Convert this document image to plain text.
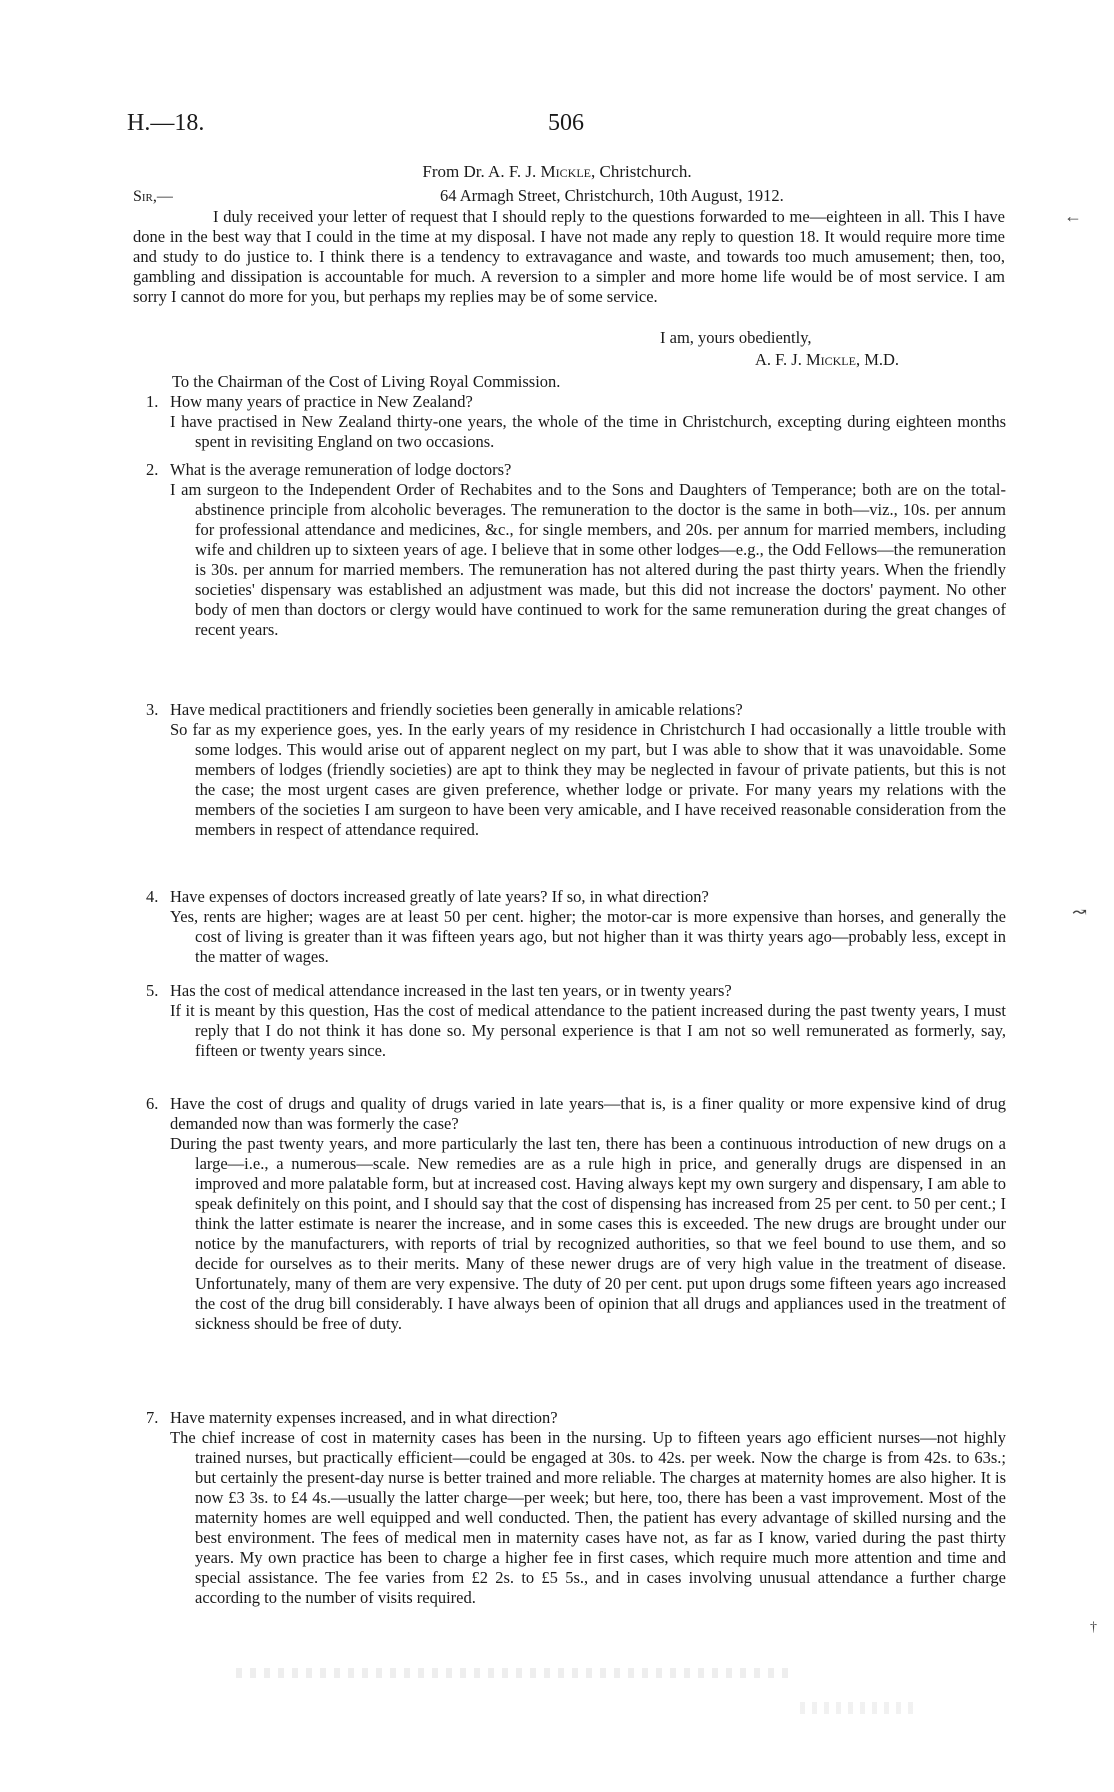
H.—18.	506
From Dr. A. F. J. Mickle, Christchurch.
Sir,—	64 Armagh Street, Christchurch, 10th August, 1912.

I duly received your letter of request that I should reply to the questions forwarded to me—eighteen in all. This I have done in the best way that I could in the time at my disposal. I have not made any reply to question 18. It would require more time and study to do justice to. I think there is a tendency to extravagance and waste, and towards too much amusement; then, too, gambling and dissipation is accountable for much. A reversion to a simpler and more home life would be of most service. I am sorry I cannot do more for you, but perhaps my replies may be of some service.

I am, yours obediently,
A. F. J. Mickle, M.D.
To the Chairman of the Cost of Living Royal Commission.
1. How many years of practice in New Zealand?
I have practised in New Zealand thirty-one years, the whole of the time in Christchurch, excepting during eighteen months spent in revisiting England on two occasions.
2. What is the average remuneration of lodge doctors?
I am surgeon to the Independent Order of Rechabites and to the Sons and Daughters of Temperance; both are on the total-abstinence principle from alcoholic beverages. The remuneration to the doctor is the same in both—viz., 10s. per annum for professional attendance and medicines, &c., for single members, and 20s. per annum for married members, including wife and children up to sixteen years of age. I believe that in some other lodges—e.g., the Odd Fellows—the remuneration is 30s. per annum for married members. The remuneration has not altered during the past thirty years. When the friendly societies' dispensary was established an adjustment was made, but this did not increase the doctors' payment. No other body of men than doctors or clergy would have continued to work for the same remuneration during the great changes of recent years.
3. Have medical practitioners and friendly societies been generally in amicable relations?
So far as my experience goes, yes. In the early years of my residence in Christchurch I had occasionally a little trouble with some lodges. This would arise out of apparent neglect on my part, but I was able to show that it was unavoidable. Some members of lodges (friendly societies) are apt to think they may be neglected in favour of private patients, but this is not the case; the most urgent cases are given preference, whether lodge or private. For many years my relations with the members of the societies I am surgeon to have been very amicable, and I have received reasonable consideration from the members in respect of attendance required.
4. Have expenses of doctors increased greatly of late years? If so, in what direction?
Yes, rents are higher; wages are at least 50 per cent. higher; the motor-car is more expensive than horses, and generally the cost of living is greater than it was fifteen years ago, but not higher than it was thirty years ago—probably less, except in the matter of wages.
5. Has the cost of medical attendance increased in the last ten years, or in twenty years?
If it is meant by this question, Has the cost of medical attendance to the patient increased during the past twenty years, I must reply that I do not think it has done so. My personal experience is that I am not so well remunerated as formerly, say, fifteen or twenty years since.
6. Have the cost of drugs and quality of drugs varied in late years—that is, is a finer quality or more expensive kind of drug demanded now than was formerly the case?
During the past twenty years, and more particularly the last ten, there has been a continuous introduction of new drugs on a large—i.e., a numerous—scale. New remedies are as a rule high in price, and generally drugs are dispensed in an improved and more palatable form, but at increased cost. Having always kept my own surgery and dispensary, I am able to speak definitely on this point, and I should say that the cost of dispensing has increased from 25 per cent. to 50 per cent.; I think the latter estimate is nearer the increase, and in some cases this is exceeded. The new drugs are brought under our notice by the manufacturers, with reports of trial by recognized authorities, so that we feel bound to use them, and so decide for ourselves as to their merits. Many of these newer drugs are of very high value in the treatment of disease. Unfortunately, many of them are very expensive. The duty of 20 per cent. put upon drugs some fifteen years ago increased the cost of the drug bill considerably. I have always been of opinion that all drugs and appliances used in the treatment of sickness should be free of duty.
7. Have maternity expenses increased, and in what direction?
The chief increase of cost in maternity cases has been in the nursing. Up to fifteen years ago efficient nurses—not highly trained nurses, but practically efficient—could be engaged at 30s. to 42s. per week. Now the charge is from 42s. to 63s.; but certainly the present-day nurse is better trained and more reliable. The charges at maternity homes are also higher. It is now £3 3s. to £4 4s.—usually the latter charge—per week; but here, too, there has been a vast improvement. Most of the maternity homes are well equipped and well conducted. Then, the patient has every advantage of skilled nursing and the best environment. The fees of medical men in maternity cases have not, as far as I know, varied during the past thirty years. My own practice has been to charge a higher fee in first cases, which require much more attention and time and special assistance. The fee varies from £2 2s. to £5 5s., and in cases involving unusual attendance a further charge according to the number of visits required.
←
↝
†
